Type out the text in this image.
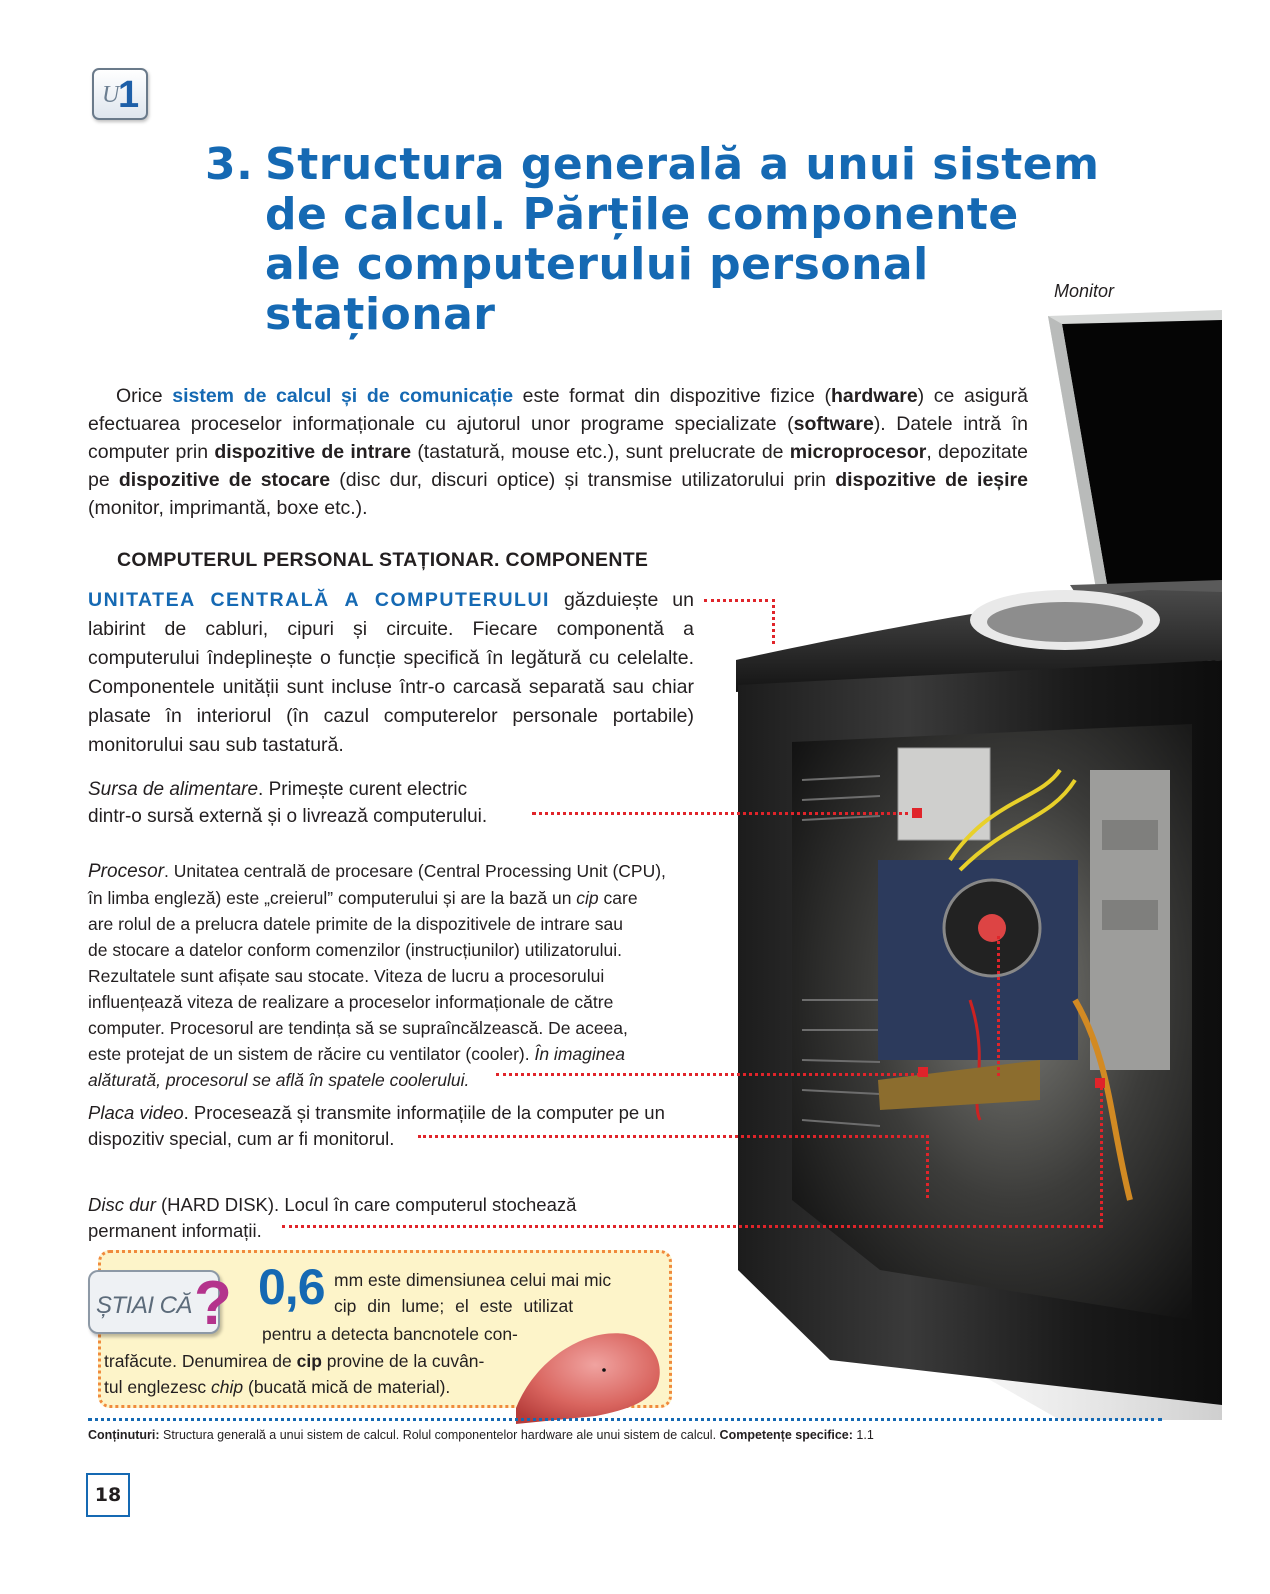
U
1
3. Structura generală a unui sistem
de calcul. Părțile componente
ale computerului personal
staționar	Monitor

Orice sistem de calcul și de comunicație este format din dispozitive fizice (hardware) ce asigură efectuarea proceselor informaționale cu ajutorul unor programe specializate (software). Datele intră în computer prin dispozitive de intrare (tastatură, mouse etc.), sunt prelucrate de microprocesor, depozitate pe dispozitive de stocare (disc dur, discuri optice) și transmise utilizatorului prin dispozitive de ieșire (monitor, imprimantă, boxe etc.).

COMPUTERUL PERSONAL STAȚIONAR. COMPONENTE
UNITATEA CENTRALĂ A COMPUTERULUI găzduiește un labirint de cabluri, cipuri și circuite. Fiecare componentă a computerului îndeplinește o funcție specifică în legătură cu celelalte. Componentele unității sunt incluse într-o carcasă separată sau chiar plasate în interiorul (în cazul computerelor personale portabile) monitorului sau sub tastatură.

Sursa de alimentare. Primește curent electric

dintr-o sursă externă și o livrează computerului.

Procesor. Unitatea centrală de procesare (Central Processing Unit (CPU),

în limba engleză) este „creierul” computerului și are la bază un cip care

are rolul de a prelucra datele primite de la dispozitivele de intrare sau

de stocare a datelor conform comenzilor (instrucțiunilor) utilizatorului.

Rezultatele sunt afișate sau stocate. Viteza de lucru a procesorului

influențează viteza de realizare a proceselor informaționale de către

computer. Procesorul are tendința să se supraîncălzească. De aceea,

este protejat de un sistem de răcire cu ventilator (cooler). În imaginea

alăturată, procesorul se află în spatele coolerului.

Placa video. Procesează și transmite informațiile de la computer pe un

dispozitiv special, cum ar fi monitorul.

Disc dur (HARD DISK). Locul în care computerul stochează

permanent informații.

ȘTIAI CĂ ? 0,6 mm este dimensiunea celui mai mic
cip din lume; el este utilizat
pentru a detecta bancnotele con-
trafăcute. Denumirea de cip provine de la cuvân-
tul englezesc chip (bucată mică de material).
Conținuturi: Structura generală a unui sistem de calcul. Rolul componentelor hardware ale unui sistem de calcul. Competențe specifice: 1.1
18
